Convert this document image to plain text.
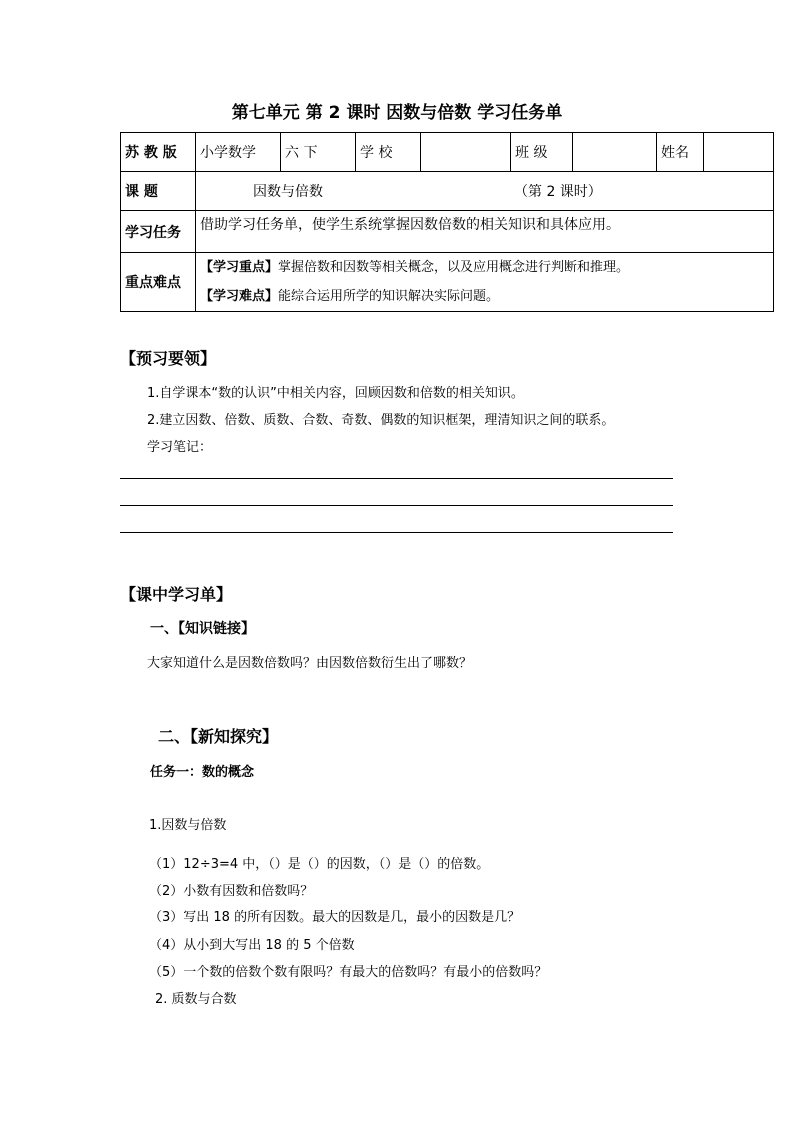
第七单元 第 2 课时 因数与倍数 学习任务单
苏 教 版	小学数学	六 下	学 校		班 级		姓名	
课 题	因数与倍数 （第 2 课时）							

学习任务	借助学习任务单，使学生系统掌握因数倍数的相关知识和具体应用。							
重点难点	【学习重点】掌握倍数和因数等相关概念，以及应用概念进行判断和推理。
【学习难点】能综合运用所学的知识解决实际问题。							
【预习要领】
1.自学课本“数的认识”中相关内容，回顾因数和倍数的相关知识。
2.建立因数、倍数、质数、合数、奇数、偶数的知识框架，理清知识之间的联系。
学习笔记：
【课中学习单】
一、【知识链接】
大家知道什么是因数倍数吗？由因数倍数衍生出了哪数？
二、【新知探究】
任务一：数的概念
1.因数与倍数
（1）12÷3=4 中，（）是（）的因数，（）是（）的倍数。
（2）小数有因数和倍数吗？
（3）写出 18 的所有因数。最大的因数是几，最小的因数是几？
（4）从小到大写出 18 的 5 个倍数
（5）一个数的倍数个数有限吗？有最大的倍数吗？有最小的倍数吗？
2. 质数与合数
